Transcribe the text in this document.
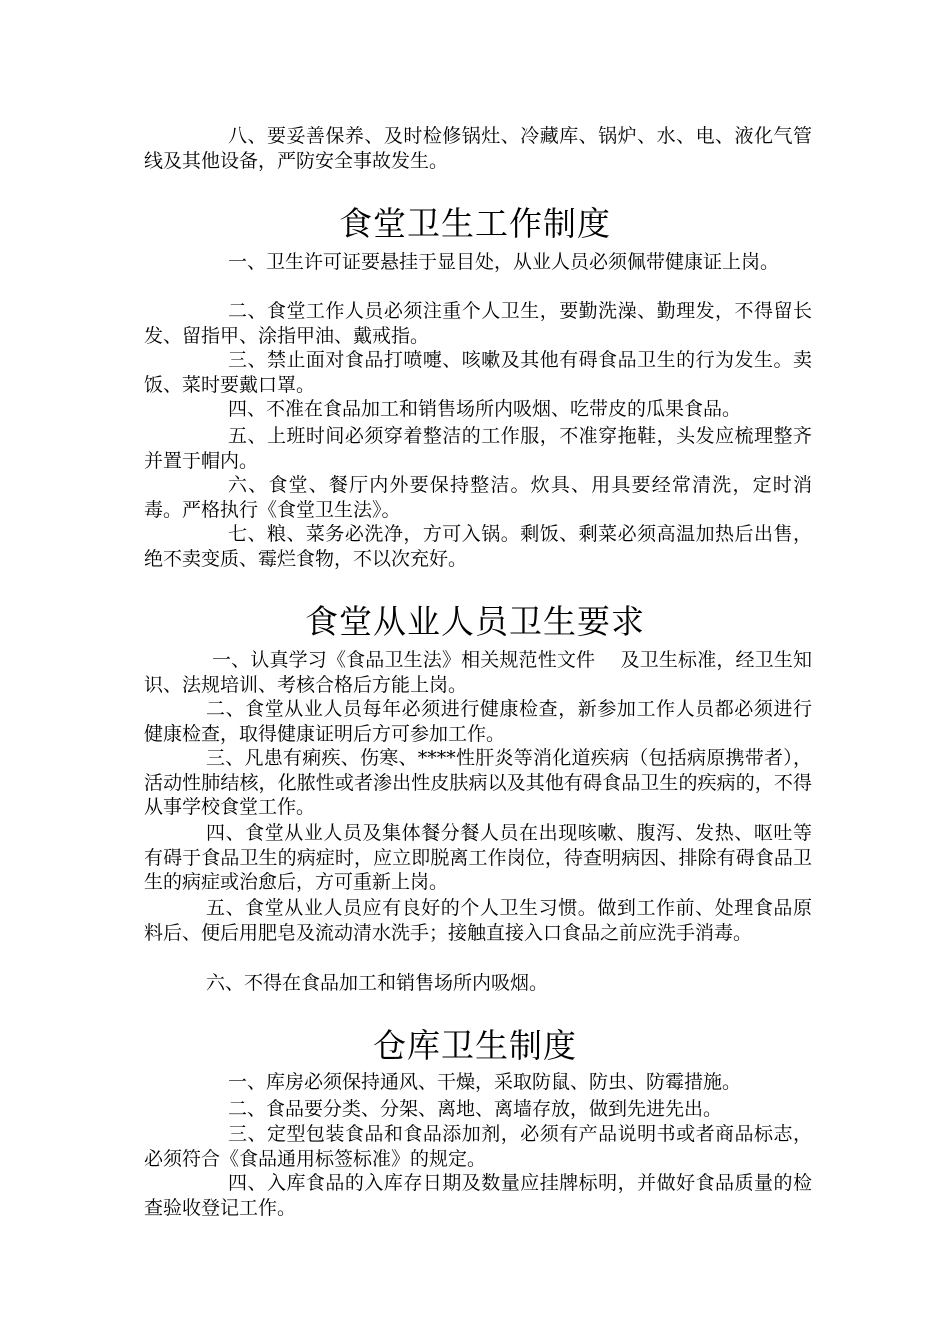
八、要妥善保养、及时检修锅灶、冷藏库、锅炉、水、电、液化气管线及其他设备，严防安全事故发生。
食堂卫生工作制度
一、卫生许可证要悬挂于显目处，从业人员必须佩带健康证上岗。
二、食堂工作人员必须注重个人卫生，要勤洗澡、勤理发，不得留长发、留指甲、涂指甲油、戴戒指。
三、禁止面对食品打喷嚏、咳嗽及其他有碍食品卫生的行为发生。卖饭、菜时要戴口罩。
四、不准在食品加工和销售场所内吸烟、吃带皮的瓜果食品。
五、上班时间必须穿着整洁的工作服，不准穿拖鞋，头发应梳理整齐并置于帽内。
六、食堂、餐厅内外要保持整洁。炊具、用具要经常清洗，定时消毒。严格执行《食堂卫生法》。
七、粮、菜务必洗净，方可入锅。剩饭、剩菜必须高温加热后出售，绝不卖变质、霉烂食物，不以次充好。
食堂从业人员卫生要求
一、认真学习《食品卫生法》相关规范性文件　 及卫生标准，经卫生知识、法规培训、考核合格后方能上岗。
二、食堂从业人员每年必须进行健康检查，新参加工作人员都必须进行健康检查，取得健康证明后方可参加工作。
三、凡患有痢疾、伤寒、****性肝炎等消化道疾病（包括病原携带者），活动性肺结核，化脓性或者渗出性皮肤病以及其他有碍食品卫生的疾病的，不得从事学校食堂工作。
四、食堂从业人员及集体餐分餐人员在出现咳嗽、腹泻、发热、呕吐等有碍于食品卫生的病症时，应立即脱离工作岗位，待查明病因、排除有碍食品卫生的病症或治愈后，方可重新上岗。
五、食堂从业人员应有良好的个人卫生习惯。做到工作前、处理食品原料后、便后用肥皂及流动清水洗手；接触直接入口食品之前应洗手消毒。
六、不得在食品加工和销售场所内吸烟。
仓库卫生制度
一、库房必须保持通风、干燥，采取防鼠、防虫、防霉措施。
二、食品要分类、分架、离地、离墙存放，做到先进先出。
三、定型包装食品和食品添加剂，必须有产品说明书或者商品标志，必须符合《食品通用标签标准》的规定。
四、入库食品的入库存日期及数量应挂牌标明，并做好食品质量的检查验收登记工作。
